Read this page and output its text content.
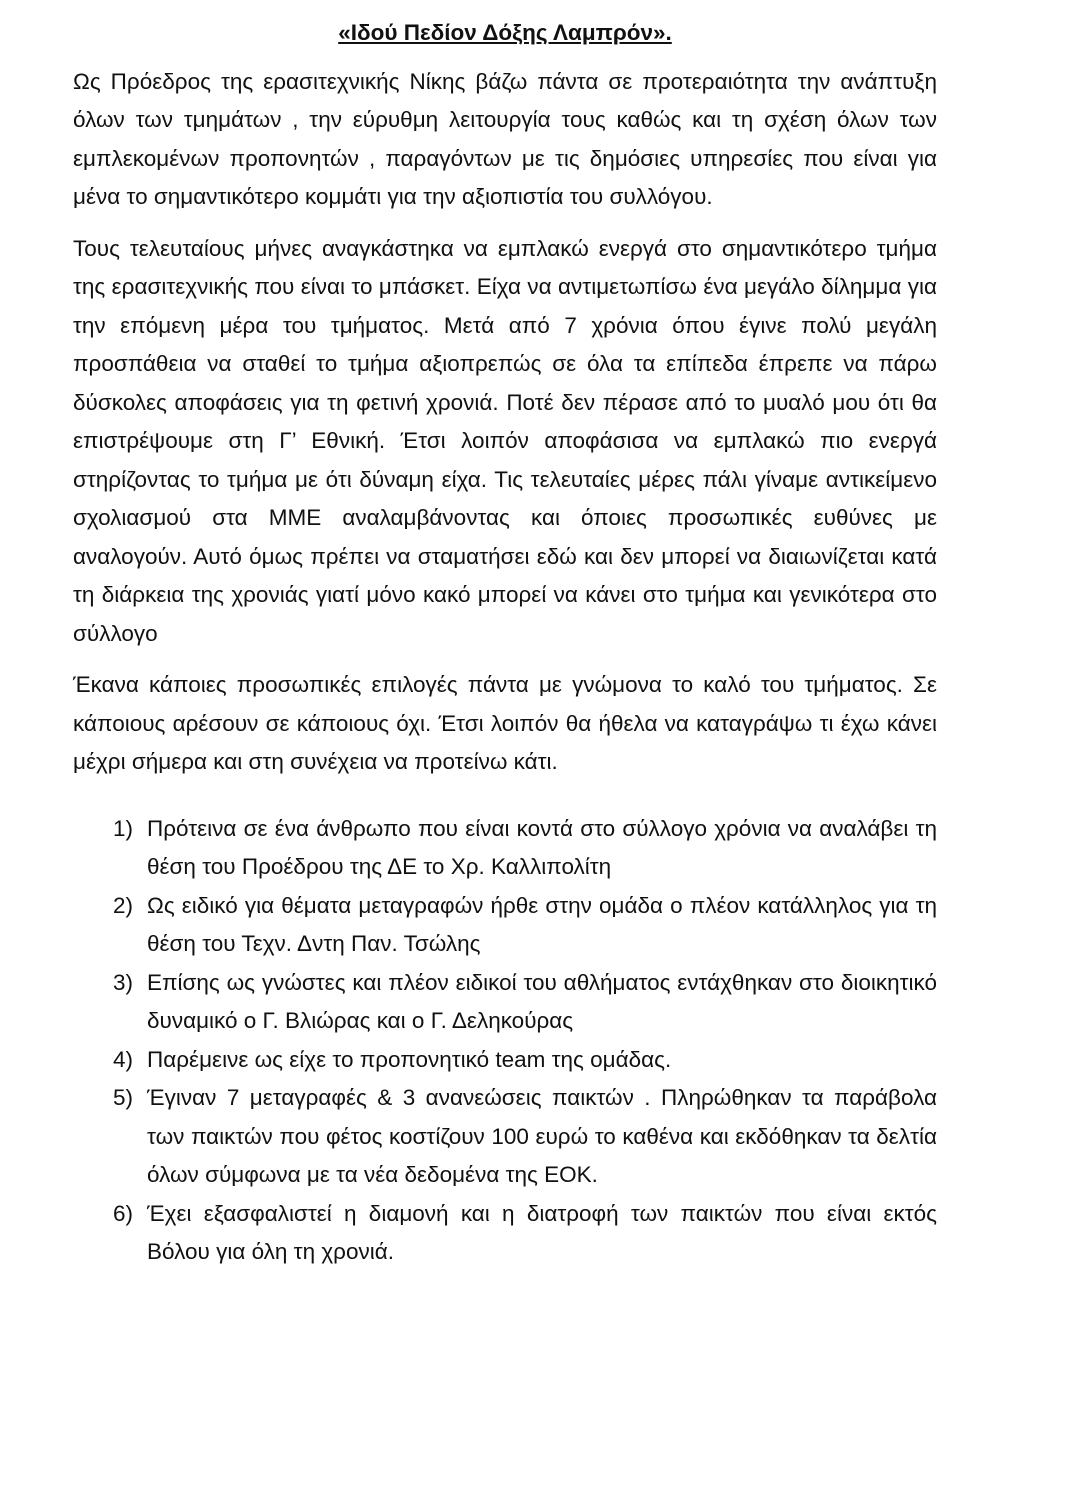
«Ιδού Πεδίον Δόξης Λαμπρόν».

Ως Πρόεδρος της ερασιτεχνικής Νίκης βάζω πάντα σε προτεραιότητα την ανάπτυξη όλων των τμημάτων , την εύρυθμη λειτουργία τους καθώς και τη σχέση όλων των εμπλεκομένων προπονητών , παραγόντων με τις δημόσιες υπηρεσίες που είναι για μένα το σημαντικότερο κομμάτι για την αξιοπιστία του συλλόγου.

Τους τελευταίους μήνες αναγκάστηκα να εμπλακώ ενεργά στο σημαντικότερο τμήμα της ερασιτεχνικής που είναι το μπάσκετ. Είχα να αντιμετωπίσω ένα μεγάλο δίλημμα για την επόμενη μέρα του τμήματος. Μετά από 7 χρόνια όπου έγινε πολύ μεγάλη προσπάθεια να σταθεί το τμήμα αξιοπρεπώς σε όλα τα επίπεδα έπρεπε να πάρω δύσκολες αποφάσεις για τη φετινή χρονιά. Ποτέ δεν πέρασε από το μυαλό μου ότι θα επιστρέψουμε στη Γ’ Εθνική. Έτσι λοιπόν αποφάσισα να εμπλακώ πιο ενεργά στηρίζοντας το τμήμα με ότι δύναμη είχα. Τις τελευταίες μέρες πάλι γίναμε αντικείμενο σχολιασμού στα ΜΜΕ αναλαμβάνοντας και όποιες προσωπικές ευθύνες με αναλογούν. Αυτό όμως πρέπει να σταματήσει εδώ και δεν μπορεί να διαιωνίζεται κατά τη διάρκεια της χρονιάς γιατί μόνο κακό μπορεί να κάνει στο τμήμα και γενικότερα στο σύλλογο

Έκανα κάποιες προσωπικές επιλογές πάντα με γνώμονα το καλό του τμήματος. Σε κάποιους αρέσουν σε κάποιους όχι. Έτσι λοιπόν θα ήθελα να καταγράψω τι έχω κάνει μέχρι σήμερα και στη συνέχεια να προτείνω κάτι.

1) Πρότεινα σε ένα άνθρωπο που είναι κοντά στο σύλλογο χρόνια να αναλάβει τη θέση του Προέδρου της ΔΕ το Χρ. Καλλιπολίτη
2) Ως ειδικό για θέματα μεταγραφών ήρθε στην ομάδα ο πλέον κατάλληλος για τη θέση του Τεχν. Δντη Παν. Τσώλης
3) Επίσης ως γνώστες και πλέον ειδικοί του αθλήματος εντάχθηκαν στο διοικητικό δυναμικό ο Γ. Βλιώρας και ο Γ. Δεληκούρας
4) Παρέμεινε ως είχε το προπονητικό team της ομάδας.
5) Έγιναν 7 μεταγραφές & 3 ανανεώσεις παικτών . Πληρώθηκαν τα παράβολα των παικτών που φέτος κοστίζουν 100 ευρώ το καθένα και εκδόθηκαν τα δελτία όλων σύμφωνα με τα νέα δεδομένα της ΕΟΚ.
6) Έχει εξασφαλιστεί η διαμονή και η διατροφή των παικτών που είναι εκτός Βόλου για όλη τη χρονιά.
